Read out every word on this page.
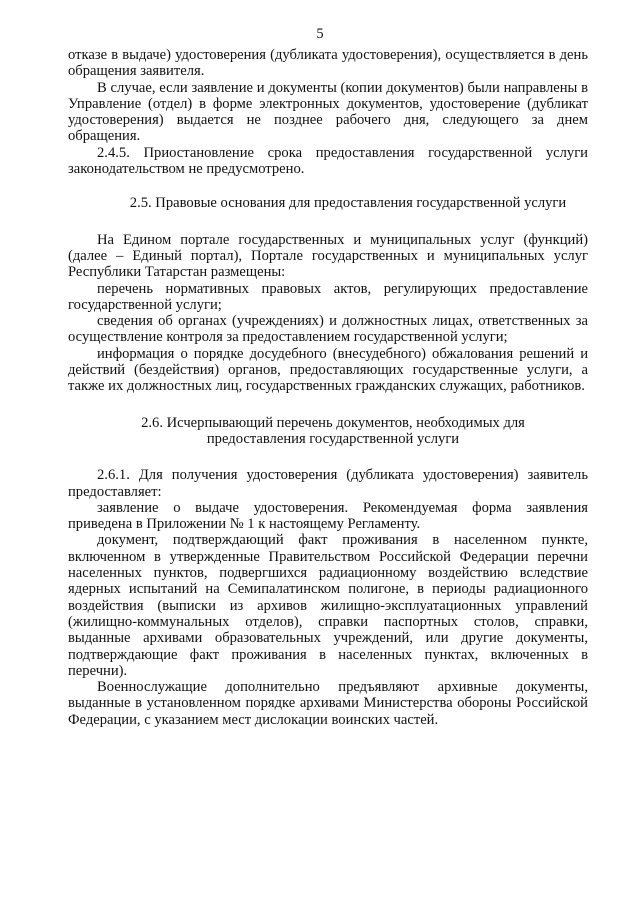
5

отказе в выдаче) удостоверения (дубликата удостоверения), осуществляется в день обращения заявителя.

В случае, если заявление и документы (копии документов) были направлены в Управление (отдел) в форме электронных документов, удостоверение (дубликат удостоверения) выдается не позднее рабочего дня, следующего за днем обращения.

2.4.5. Приостановление срока предоставления государственной услуги законодательством не предусмотрено.

2.5. Правовые основания для предоставления государственной услуги

На Едином портале государственных и муниципальных услуг (функций) (далее – Единый портал), Портале государственных и муниципальных услуг Республики Татарстан размещены:

перечень нормативных правовых актов, регулирующих предоставление государственной услуги;

сведения об органах (учреждениях) и должностных лицах, ответственных за осуществление контроля за предоставлением государственной услуги;

информация о порядке досудебного (внесудебного) обжалования решений и действий (бездействия) органов, предоставляющих государственные услуги, а также их должностных лиц, государственных гражданских служащих, работников.

2.6. Исчерпывающий перечень документов, необходимых для
предоставления государственной услуги

2.6.1. Для получения удостоверения (дубликата удостоверения) заявитель предоставляет:

заявление о выдаче удостоверения. Рекомендуемая форма заявления приведена в Приложении № 1 к настоящему Регламенту.

документ, подтверждающий факт проживания в населенном пункте, включенном в утвержденные Правительством Российской Федерации перечни населенных пунктов, подвергшихся радиационному воздействию вследствие ядерных испытаний на Семипалатинском полигоне, в периоды радиационного воздействия (выписки из архивов жилищно-эксплуатационных управлений (жилищно-коммунальных отделов), справки паспортных столов, справки, выданные архивами образовательных учреждений, или другие документы, подтверждающие факт проживания в населенных пунктах, включенных в перечни).

Военнослужащие дополнительно предъявляют архивные документы, выданные в установленном порядке архивами Министерства обороны Российской Федерации, с указанием мест дислокации воинских частей.
